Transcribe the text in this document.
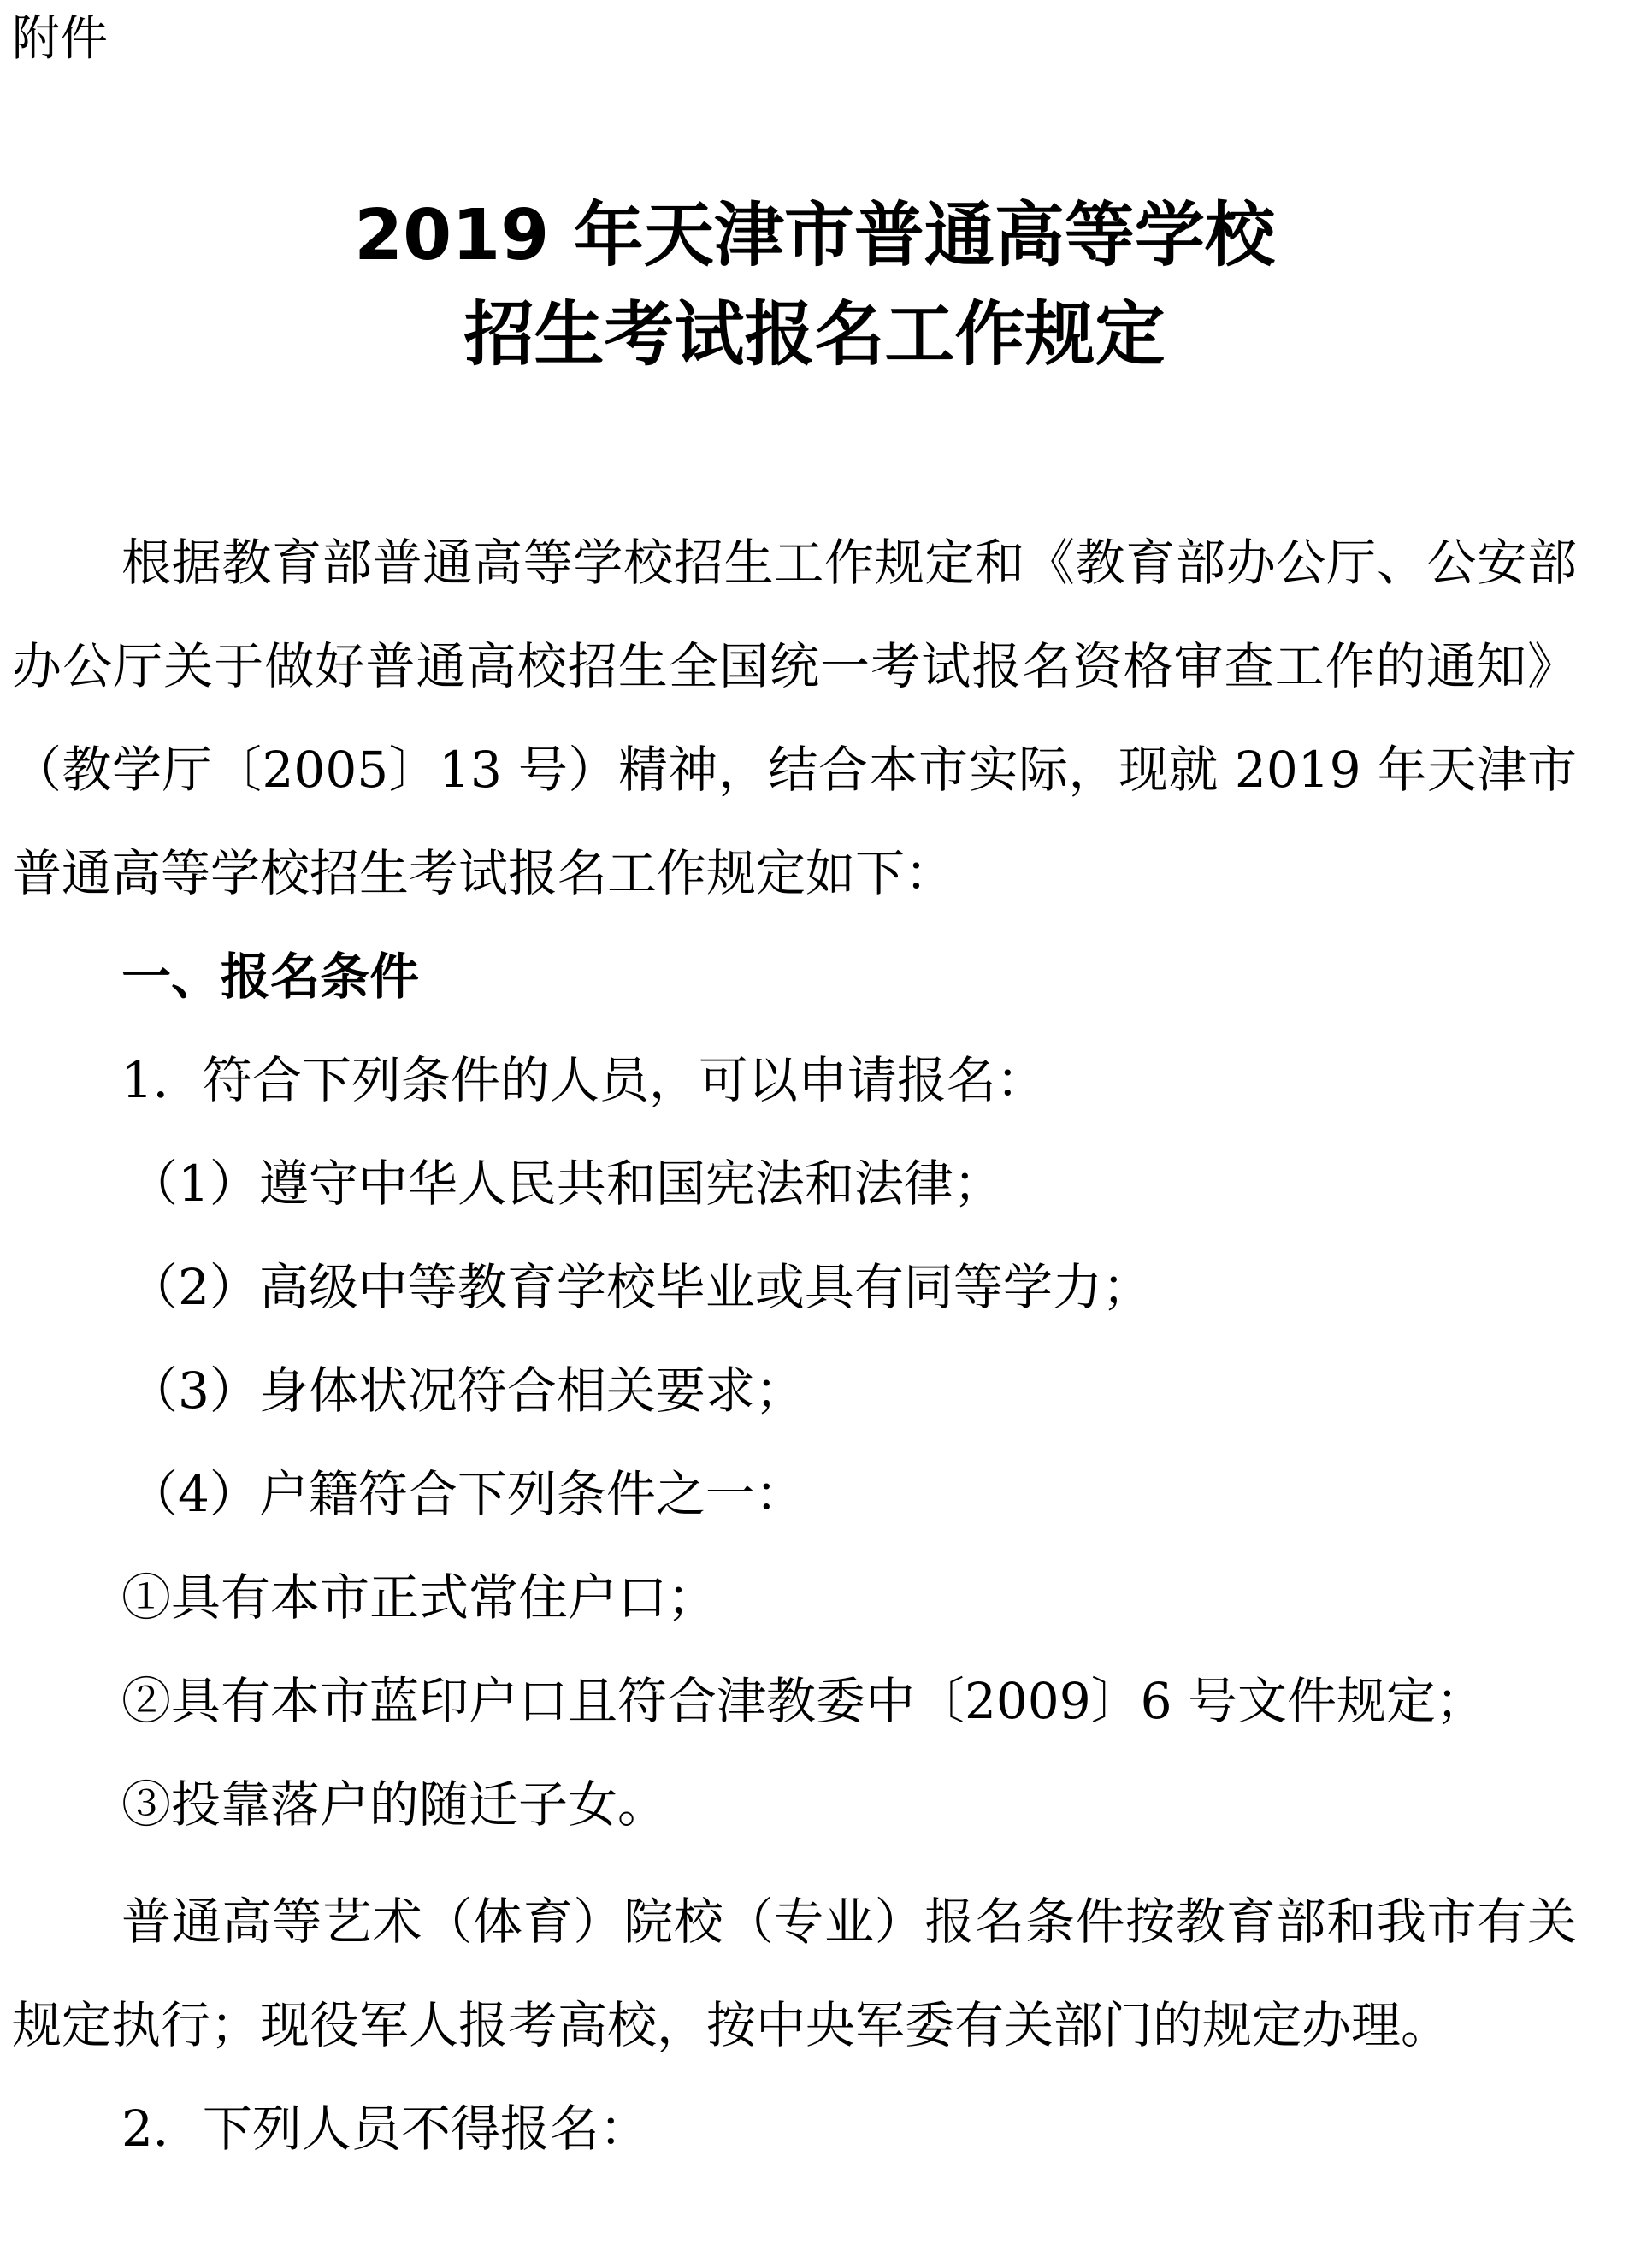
附件

2019 年天津市普通高等学校
招生考试报名工作规定

根据教育部普通高等学校招生工作规定和《教育部办公厅、公安部办公厅关于做好普通高校招生全国统一考试报名资格审查工作的通知》（教学厅〔2005〕13 号）精神，结合本市实际，现就 2019 年天津市普通高等学校招生考试报名工作规定如下：

一、报名条件

1．符合下列条件的人员，可以申请报名：

（1）遵守中华人民共和国宪法和法律；

（2）高级中等教育学校毕业或具有同等学力；

（3）身体状况符合相关要求；

（4）户籍符合下列条件之一：

①具有本市正式常住户口；

②具有本市蓝印户口且符合津教委中〔2009〕6 号文件规定；

③投靠落户的随迁子女。

普通高等艺术（体育）院校（专业）报名条件按教育部和我市有关规定执行；现役军人报考高校，按中央军委有关部门的规定办理。

2．下列人员不得报名：
